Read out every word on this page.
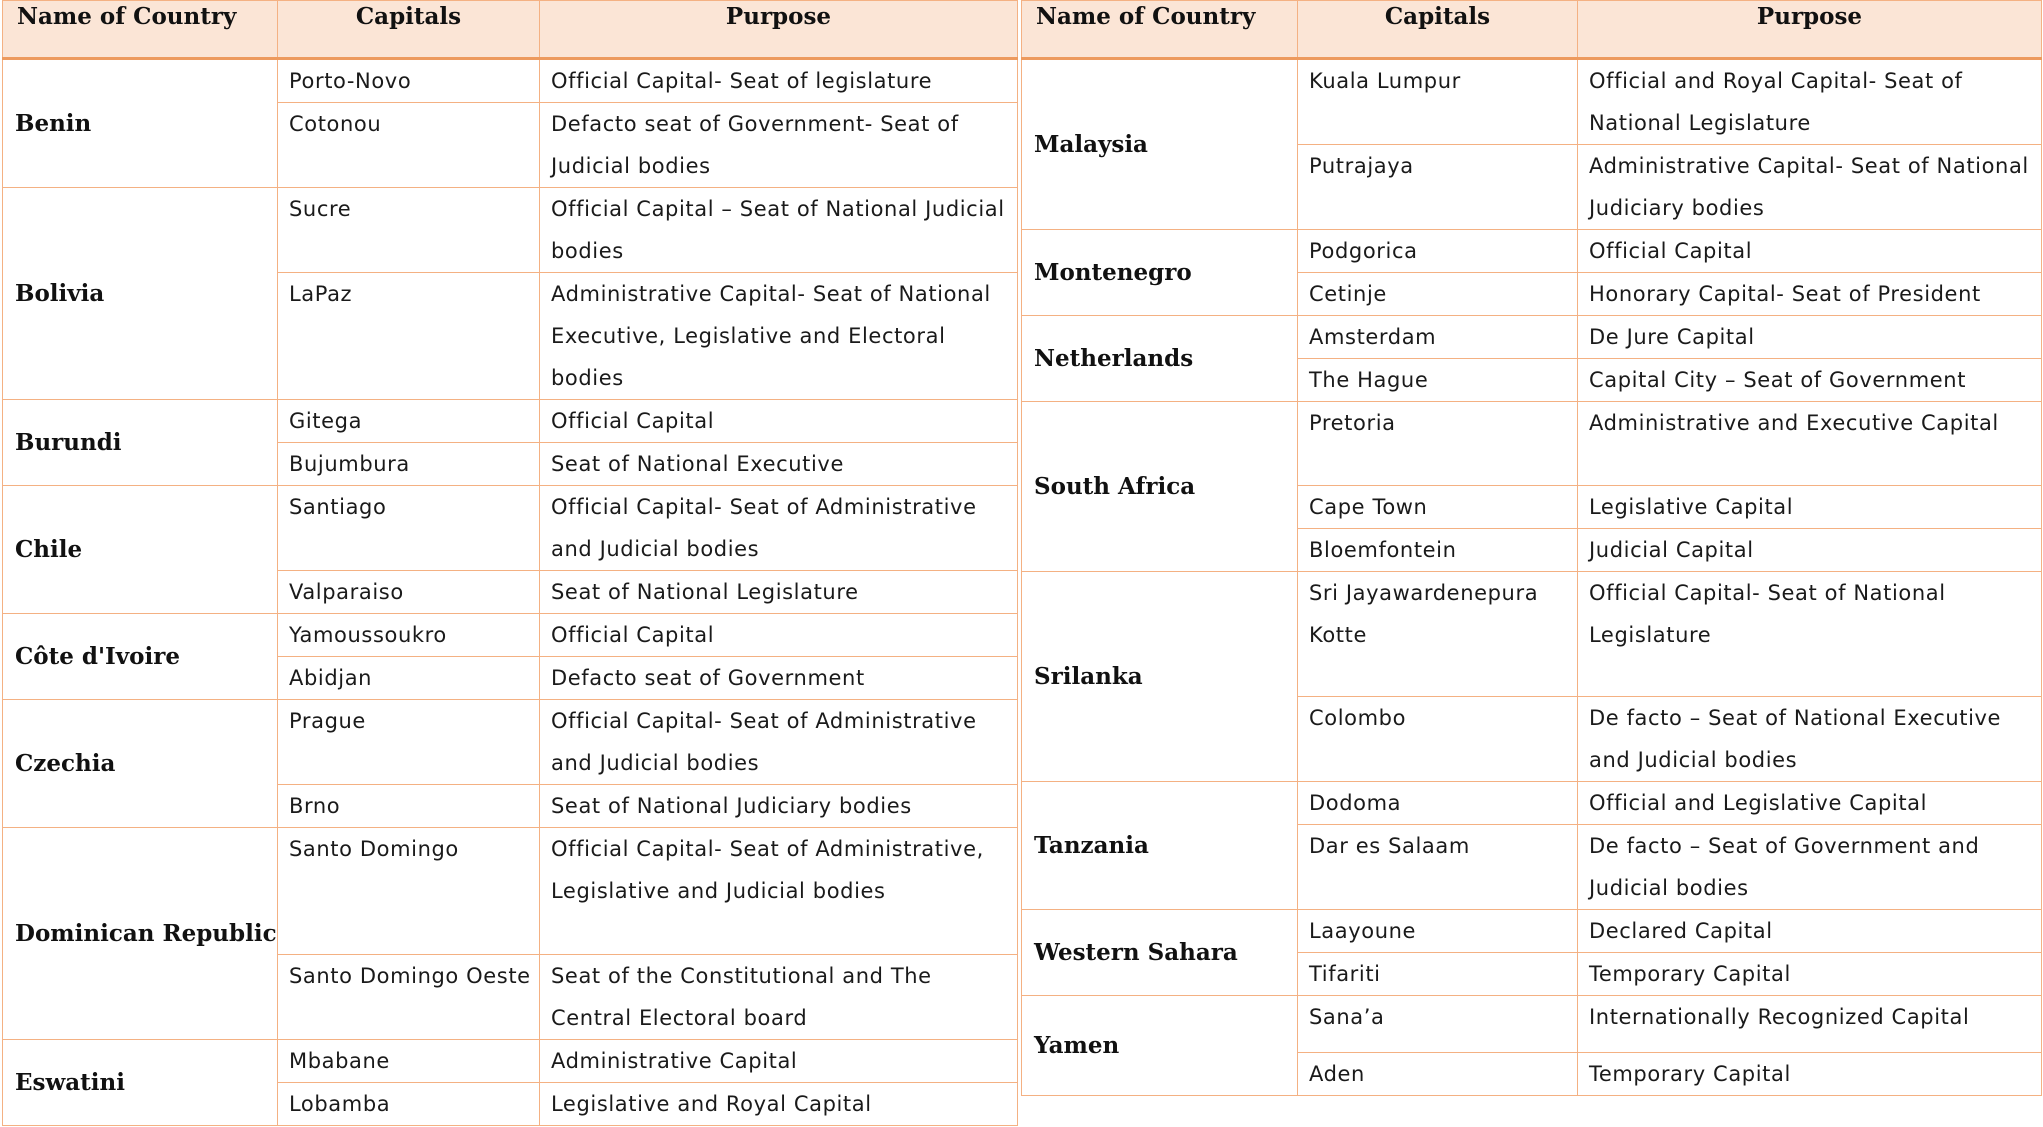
Name of Country	Capitals	Purpose
Benin	Porto-Novo	Official Capital- Seat of legislature
	Cotonou	Defacto seat of Government- Seat of Judicial bodies
Bolivia	Sucre	Official Capital – Seat of National Judicial bodies
	LaPaz	Administrative Capital- Seat of National Executive, Legislative and Electoral bodies
Burundi	Gitega	Official Capital
	Bujumbura	Seat of National Executive
Chile	Santiago	Official Capital- Seat of Administrative and Judicial bodies
	Valparaiso	Seat of National Legislature
Côte d'Ivoire	Yamoussoukro	Official Capital
	Abidjan	Defacto seat of Government
Czechia	Prague	Official Capital- Seat of Administrative and Judicial bodies
	Brno	Seat of National Judiciary bodies
Dominican Republic	Santo Domingo	Official Capital- Seat of Administrative, Legislative and Judicial bodies
	Santo Domingo Oeste	Seat of the Constitutional and The Central Electoral board
Eswatini	Mbabane	Administrative Capital
	Lobamba	Legislative and Royal Capital
Name of Country	Capitals	Purpose
Malaysia	Kuala Lumpur	Official and Royal Capital- Seat of National Legislature
	Putrajaya	Administrative Capital- Seat of National Judiciary bodies
Montenegro	Podgorica	Official Capital
	Cetinje	Honorary Capital- Seat of President
Netherlands	Amsterdam	De Jure Capital
	The Hague	Capital City – Seat of Government
South Africa	Pretoria	Administrative and Executive Capital
	Cape Town	Legislative Capital
	Bloemfontein	Judicial Capital
Srilanka	Sri Jayawardenepura Kotte	Official Capital- Seat of National Legislature
	Colombo	De facto – Seat of National Executive and Judicial bodies
Tanzania	Dodoma	Official and Legislative Capital
	Dar es Salaam	De facto – Seat of Government and Judicial bodies
Western Sahara	Laayoune	Declared Capital
	Tifariti	Temporary Capital
Yamen	Sana’a	Internationally Recognized Capital
	Aden	Temporary Capital
